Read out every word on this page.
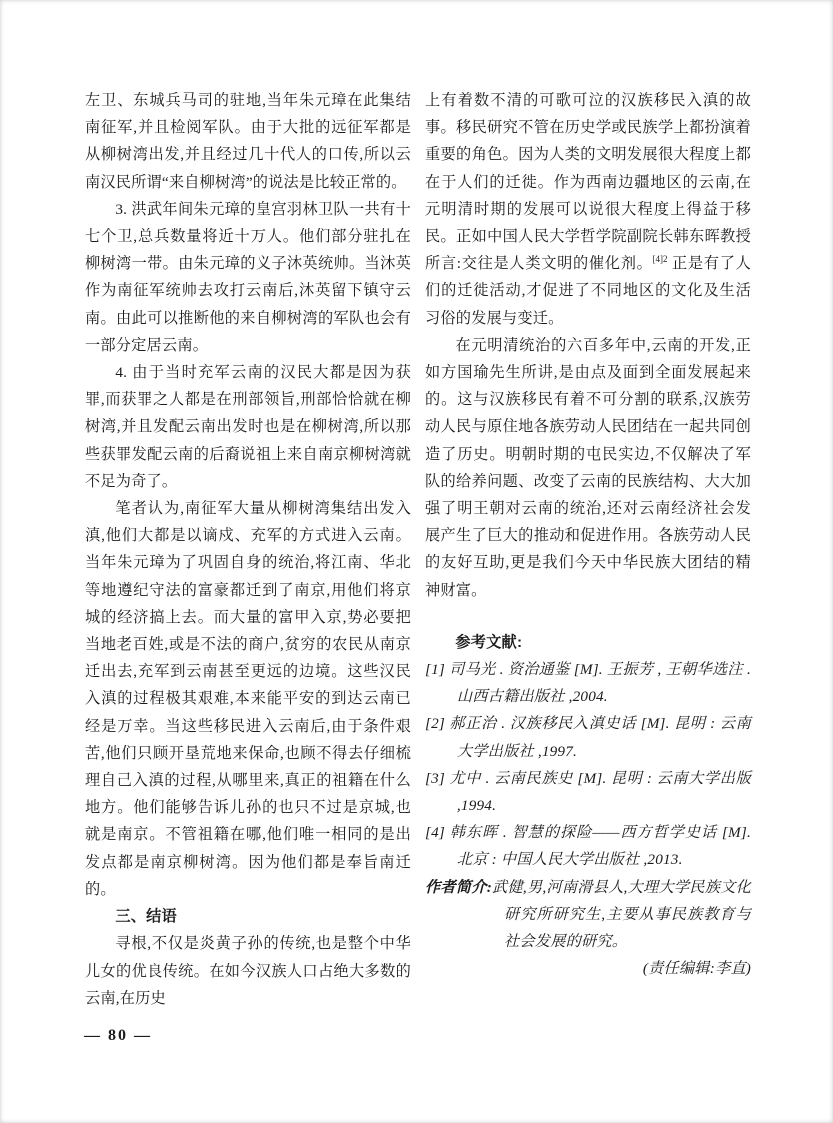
左卫、东城兵马司的驻地,当年朱元璋在此集结南征军,并且检阅军队。由于大批的远征军都是从柳树湾出发,并且经过几十代人的口传,所以云南汉民所谓“来自柳树湾”的说法是比较正常的。

3. 洪武年间朱元璋的皇宫羽林卫队一共有十七个卫,总兵数量将近十万人。他们部分驻扎在柳树湾一带。由朱元璋的义子沐英统帅。当沐英作为南征军统帅去攻打云南后,沐英留下镇守云南。由此可以推断他的来自柳树湾的军队也会有一部分定居云南。

4. 由于当时充军云南的汉民大都是因为获罪,而获罪之人都是在刑部领旨,刑部恰恰就在柳树湾,并且发配云南出发时也是在柳树湾,所以那些获罪发配云南的后裔说祖上来自南京柳树湾就不足为奇了。

笔者认为,南征军大量从柳树湾集结出发入滇,他们大都是以谪戍、充军的方式进入云南。当年朱元璋为了巩固自身的统治,将江南、华北等地遵纪守法的富豪都迁到了南京,用他们将京城的经济搞上去。而大量的富甲入京,势必要把当地老百姓,或是不法的商户,贫穷的农民从南京迁出去,充军到云南甚至更远的边境。这些汉民入滇的过程极其艰难,本来能平安的到达云南已经是万幸。当这些移民进入云南后,由于条件艰苦,他们只顾开垦荒地来保命,也顾不得去仔细梳理自己入滇的过程,从哪里来,真正的祖籍在什么地方。他们能够告诉儿孙的也只不过是京城,也就是南京。不管祖籍在哪,他们唯一相同的是出发点都是南京柳树湾。因为他们都是奉旨南迁的。

三、结语

寻根,不仅是炎黄子孙的传统,也是整个中华儿女的优良传统。在如今汉族人口占绝大多数的云南,在历史

上有着数不清的可歌可泣的汉族移民入滇的故事。移民研究不管在历史学或民族学上都扮演着重要的角色。因为人类的文明发展很大程度上都在于人们的迁徙。作为西南边疆地区的云南,在元明清时期的发展可以说很大程度上得益于移民。正如中国人民大学哲学院副院长韩东晖教授所言:交往是人类文明的催化剂。$^{[4]2}$ 正是有了人们的迁徙活动,才促进了不同地区的文化及生活习俗的发展与变迁。

在元明清统治的六百多年中,云南的开发,正如方国瑜先生所讲,是由点及面到全面发展起来的。这与汉族移民有着不可分割的联系,汉族劳动人民与原住地各族劳动人民团结在一起共同创造了历史。明朝时期的屯民实边,不仅解决了军队的给养问题、改变了云南的民族结构、大大加强了明王朝对云南的统治,还对云南经济社会发展产生了巨大的推动和促进作用。各族劳动人民的友好互助,更是我们今天中华民族大团结的精神财富。

参考文献:

[1] 司马光 . 资治通鉴 [M]. 王振芳 , 王朝华选注 . 山西古籍出版社 ,2004.

[2] 郝正治 . 汉族移民入滇史话 [M]. 昆明 : 云南大学出版社 ,1997.

[3] 尤中 . 云南民族史 [M]. 昆明 : 云南大学出版 ,1994.

[4] 韩东晖 . 智慧的探险——西方哲学史话 [M]. 北京 : 中国人民大学出版社 ,2013.

作者简介:武健,男,河南滑县人,大理大学民族文化研究所研究生,主要从事民族教育与社会发展的研究。

(责任编辑:李直)

— 80 —
